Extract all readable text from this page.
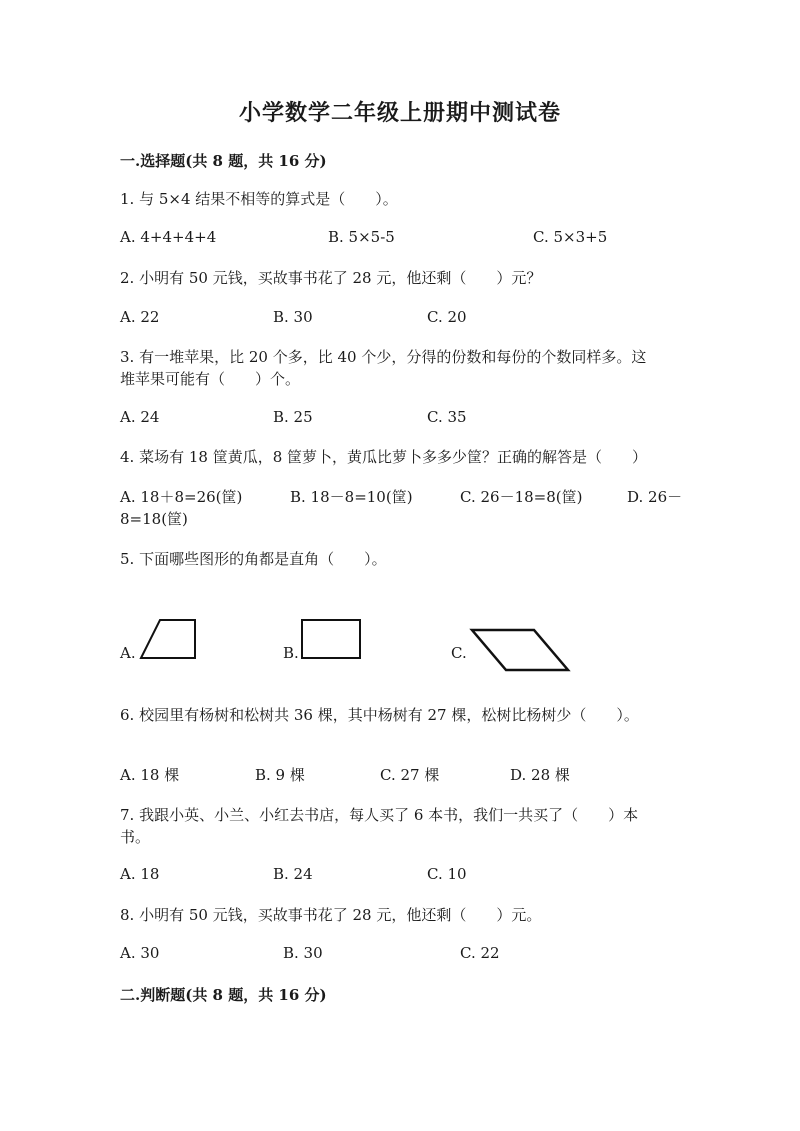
小学数学二年级上册期中测试卷
一.选择题(共 8 题，共 16 分)
1. 与 5×4 结果不相等的算式是（　　）。
A. 4+4+4+4	B. 5×5-5	C. 5×3+5
2. 小明有 50 元钱，买故事书花了 28 元，他还剩（　　）元？
A. 22	B. 30	C. 20
3. 有一堆苹果，比 20 个多，比 40 个少，分得的份数和每份的个数同样多。这
堆苹果可能有（　　）个。
A. 24	B. 25	C. 35
4. 菜场有 18 筐黄瓜，8 筐萝卜，黄瓜比萝卜多多少筐？正确的解答是（　　）
A. 18＋8=26(筐)	B. 18－8=10(筐)	C. 26－18=8(筐)	D. 26－
8=18(筐)
5. 下面哪些图形的角都是直角（　　）。
A.	B.	C.
6. 校园里有杨树和松树共 36 棵，其中杨树有 27 棵，松树比杨树少（　　）。
A. 18 棵	B. 9 棵	C. 27 棵	D. 28 棵
7. 我跟小英、小兰、小红去书店，每人买了 6 本书，我们一共买了（　　）本
书。
A. 18	B. 24	C. 10
8. 小明有 50 元钱，买故事书花了 28 元，他还剩（　　）元。
A. 30	B. 30	C. 22
二.判断题(共 8 题，共 16 分)
